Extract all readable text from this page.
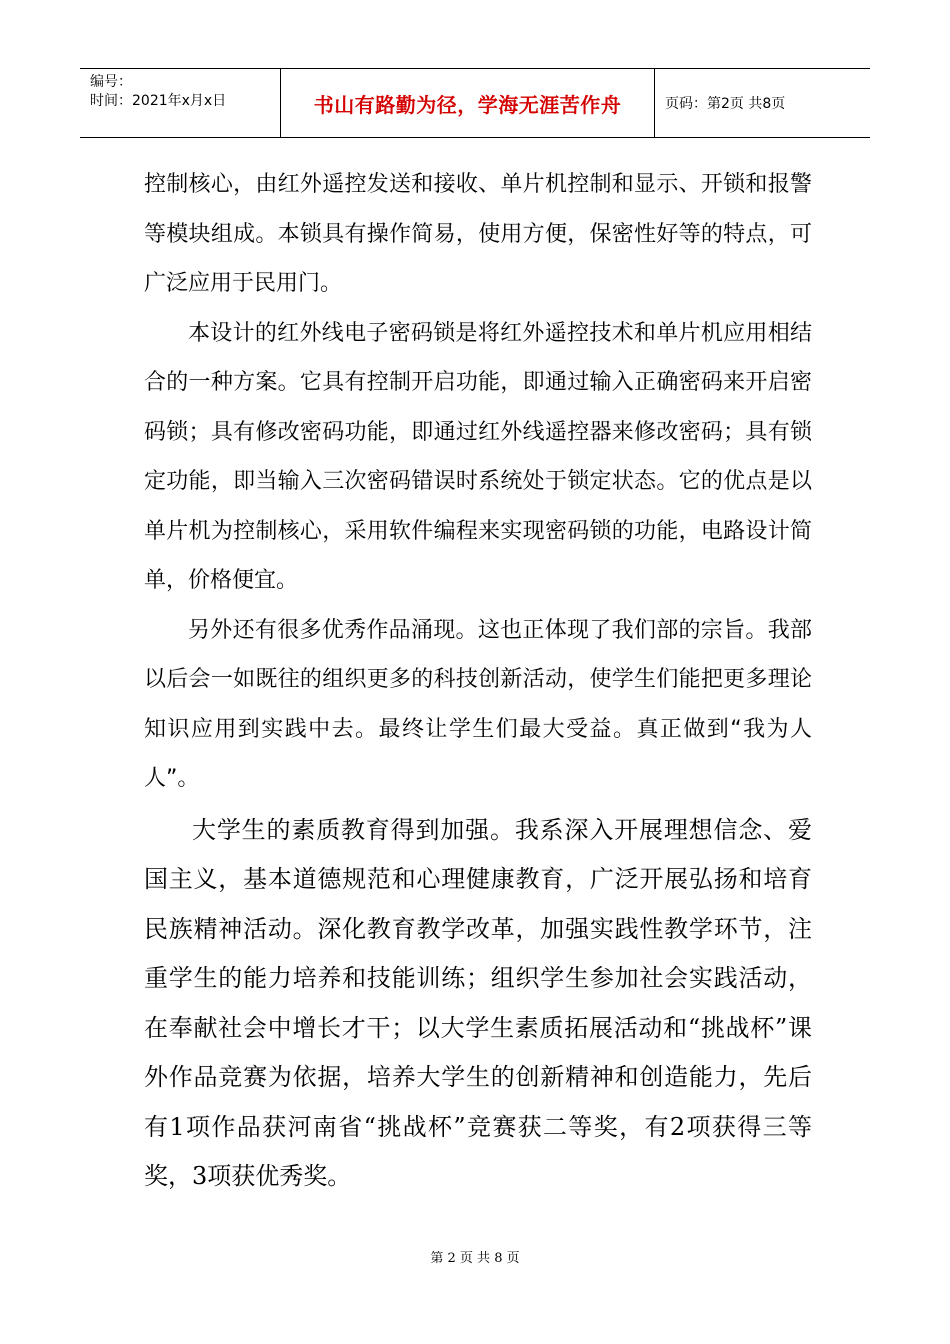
编号：
时间：2021年x月x日	书山有路勤为径，学海无涯苦作舟	页码：第2页 共8页

控制核心，由红外遥控发送和接收、单片机控制和显示、开锁和报警等模块组成。本锁具有操作简易，使用方便，保密性好等的特点，可广泛应用于民用门。

本设计的红外线电子密码锁是将红外遥控技术和单片机应用相结合的一种方案。它具有控制开启功能，即通过输入正确密码来开启密码锁；具有修改密码功能，即通过红外线遥控器来修改密码；具有锁定功能，即当输入三次密码错误时系统处于锁定状态。它的优点是以单片机为控制核心，采用软件编程来实现密码锁的功能，电路设计简单，价格便宜。

另外还有很多优秀作品涌现。这也正体现了我们部的宗旨。我部以后会一如既往的组织更多的科技创新活动，使学生们能把更多理论知识应用到实践中去。最终让学生们最大受益。真正做到“我为人人”。

大学生的素质教育得到加强。我系深入开展理想信念、爱国主义，基本道德规范和心理健康教育，广泛开展弘扬和培育民族精神活动。深化教育教学改革，加强实践性教学环节，注重学生的能力培养和技能训练；组织学生参加社会实践活动，在奉献社会中增长才干；以大学生素质拓展活动和“挑战杯”课外作品竞赛为依据，培养大学生的创新精神和创造能力，先后有1项作品获河南省“挑战杯”竞赛获二等奖，有2项获得三等奖，3项获优秀奖。

第 2 页 共 8 页
